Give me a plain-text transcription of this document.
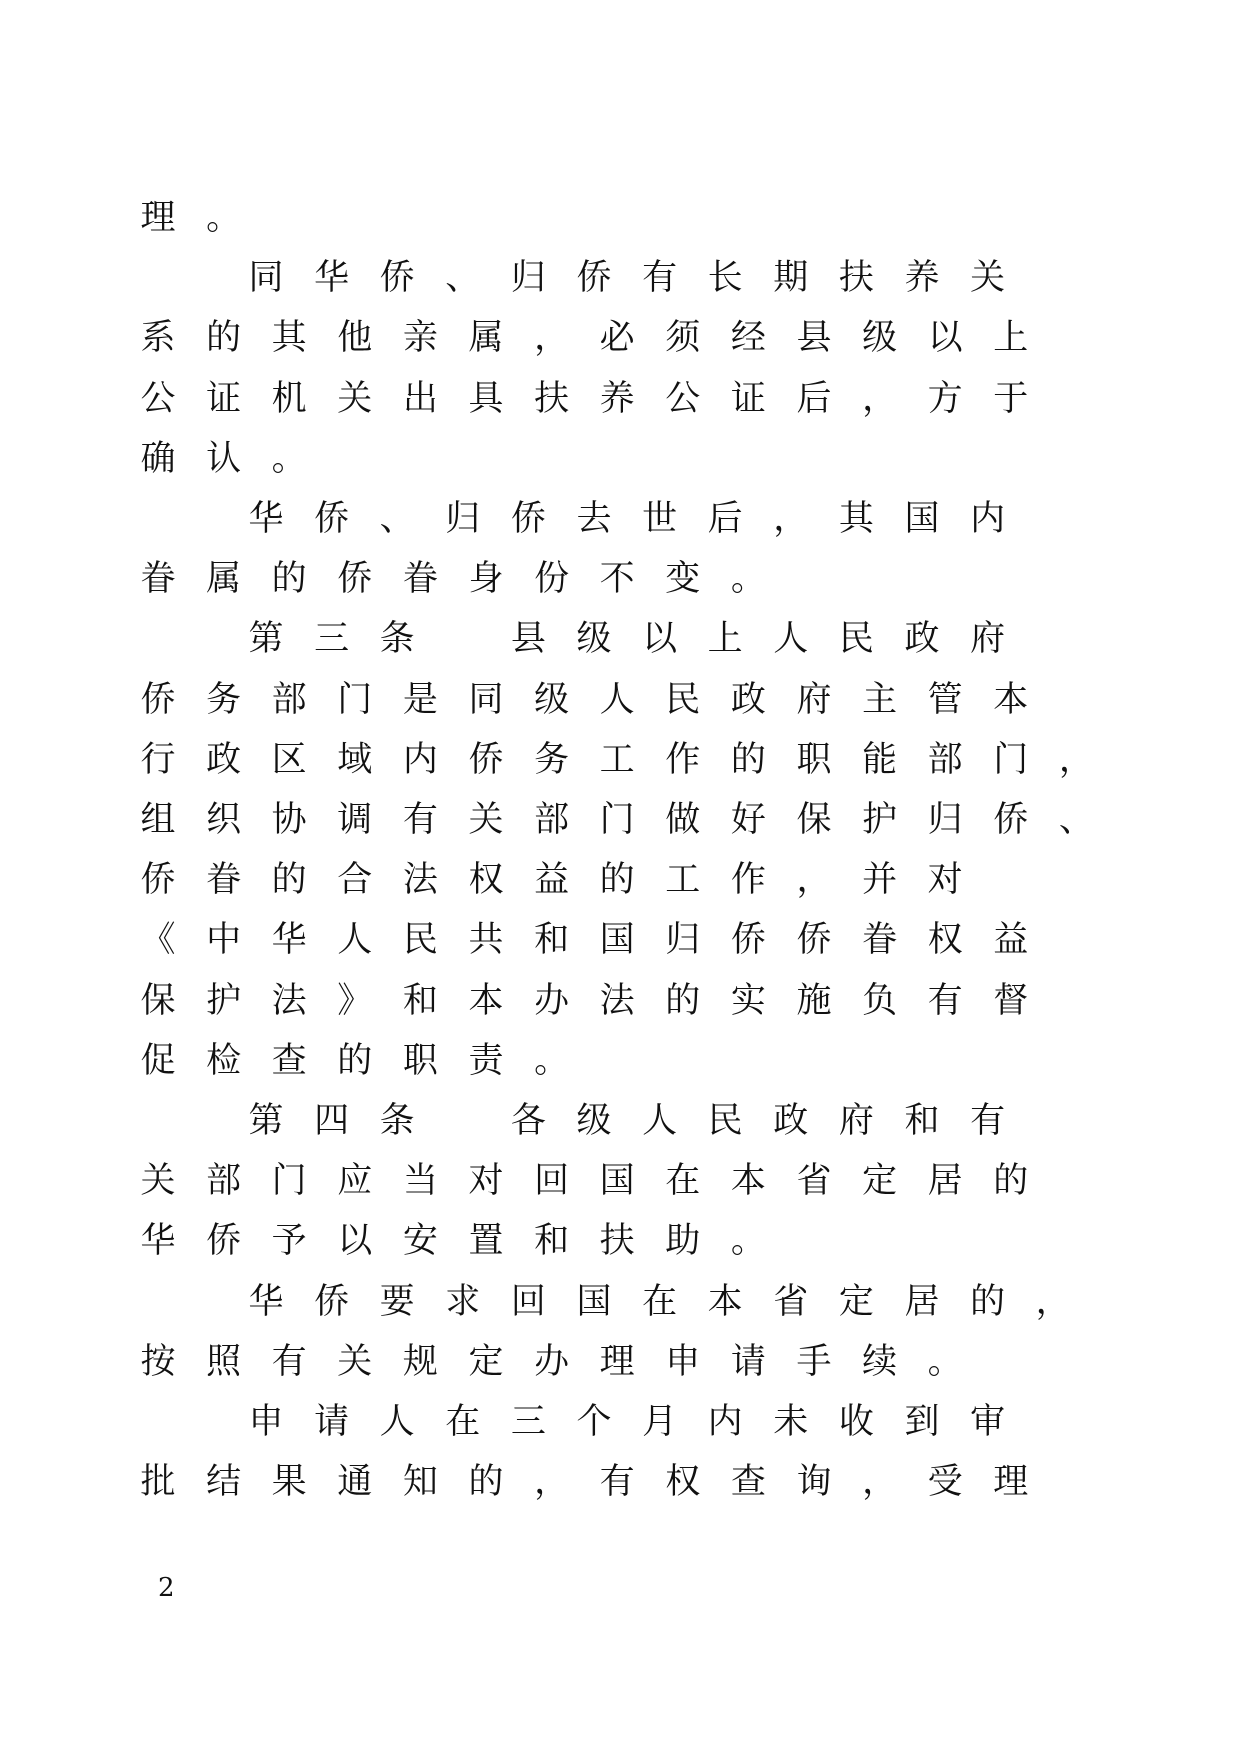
理 。
同 华 侨 、 归 侨 有 长 期 扶 养 关
系 的 其 他 亲 属 ， 必 须 经 县 级 以 上
公 证 机 关 出 具 扶 养 公 证 后 ， 方 于
确 认 。
华 侨 、 归 侨 去 世 后 ， 其 国 内
眷 属 的 侨 眷 身 份 不 变 。
第 三 条
　	县 级 以 上 人 民 政 府
侨 务 部 门 是 同 级 人 民 政 府 主 管 本
行 政 区 域 内 侨 务 工 作 的 职 能 部 门 ，
组 织 协 调 有 关 部 门 做 好 保 护 归 侨 、
侨 眷 的 合 法 权 益 的 工 作 ， 并 对
《 中 华 人 民 共 和 国 归 侨 侨 眷 权 益
保 护 法 》 和 本 办 法 的 实 施 负 有 督
促 检 查 的 职 责 。
第 四 条
　	各 级 人 民 政 府 和 有
关 部 门 应 当 对 回 国 在 本 省 定 居 的
华 侨 予 以 安 置 和 扶 助 。
华 侨 要 求 回 国 在 本 省 定 居 的 ，
按 照 有 关 规 定 办 理 申 请 手 续 。
申 请 人 在 三 个 月 内 未 收 到 审
批 结 果 通 知 的 ， 有 权 查 询 ， 受 理
2
